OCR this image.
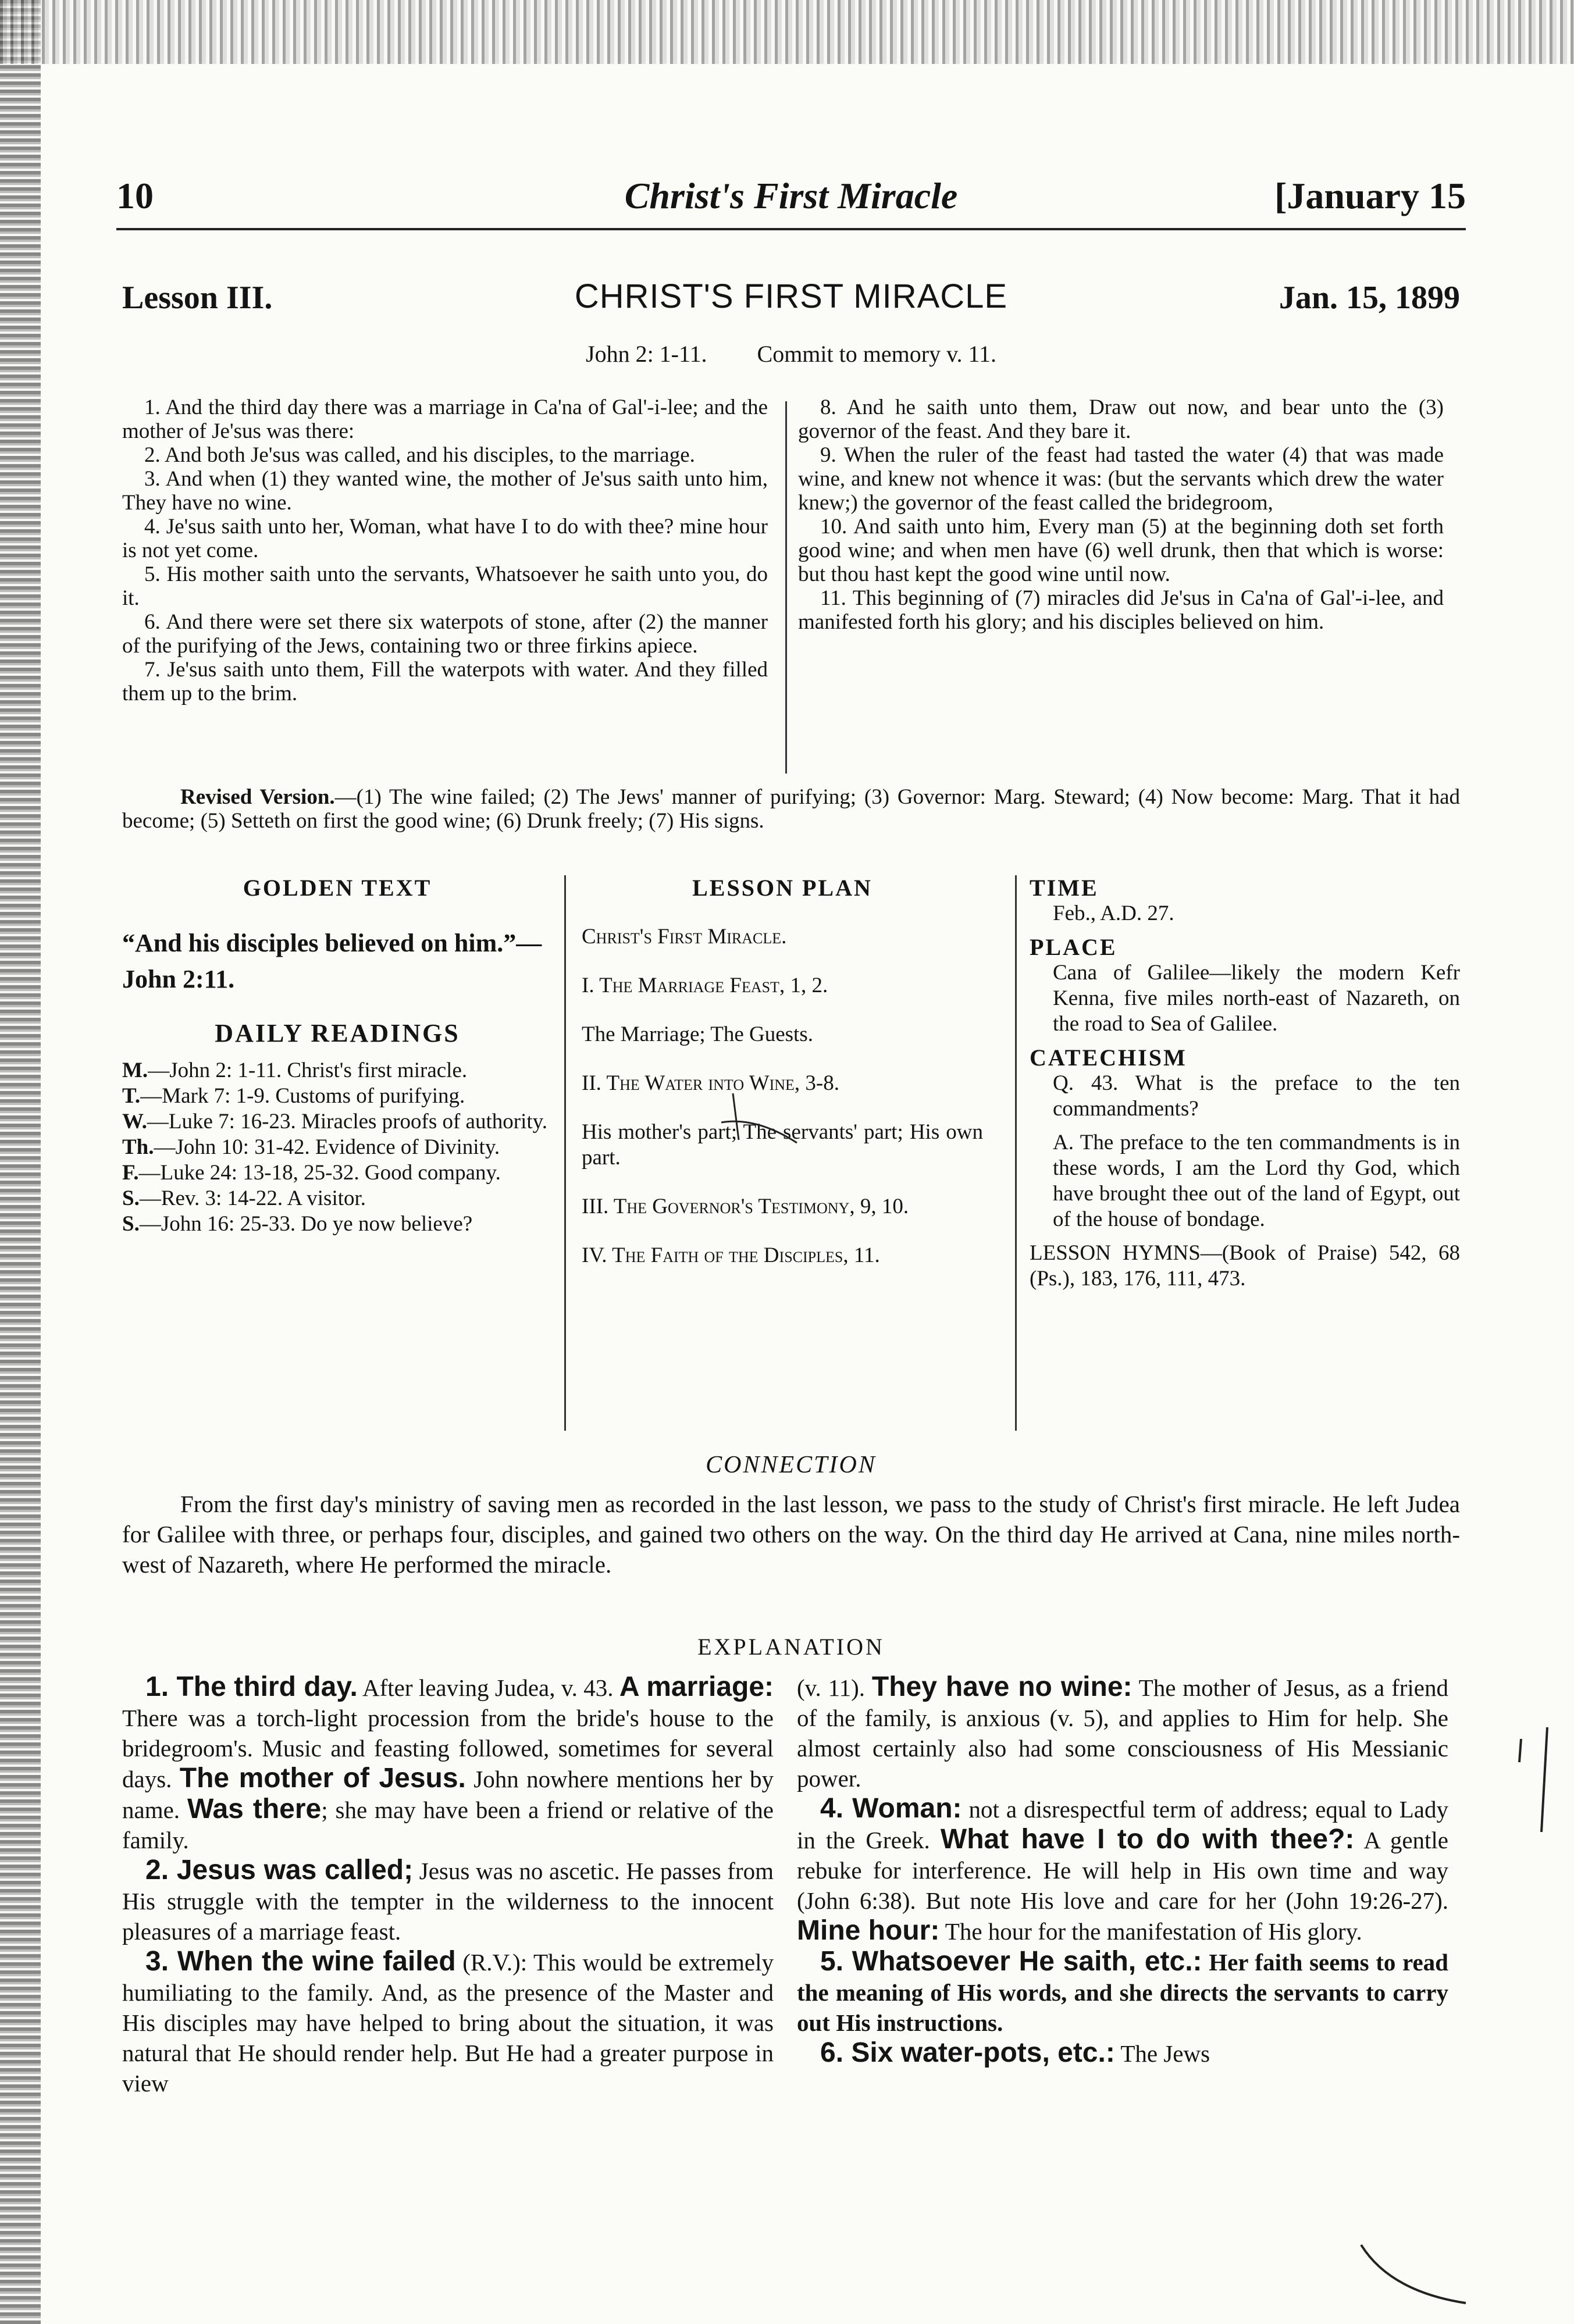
10	Christ's First Miracle	[January 15
Lesson III.	CHRIST'S FIRST MIRACLE	Jan. 15, 1899
John 2: 1-11. Commit to memory v. 11.

1. And the third day there was a marriage in Ca'na of Gal'-i-lee; and the mother of Je'sus was there:

2. And both Je'sus was called, and his disciples, to the marriage.

3. And when (1) they wanted wine, the mother of Je'sus saith unto him, They have no wine.

4. Je'sus saith unto her, Woman, what have I to do with thee? mine hour is not yet come.

5. His mother saith unto the servants, Whatsoever he saith unto you, do it.

6. And there were set there six waterpots of stone, after (2) the manner of the purifying of the Jews, containing two or three firkins apiece.

7. Je'sus saith unto them, Fill the waterpots with water. And they filled them up to the brim.

8. And he saith unto them, Draw out now, and bear unto the (3) governor of the feast. And they bare it.

9. When the ruler of the feast had tasted the water (4) that was made wine, and knew not whence it was: (but the servants which drew the water knew;) the governor of the feast called the bridegroom,

10. And saith unto him, Every man (5) at the beginning doth set forth good wine; and when men have (6) well drunk, then that which is worse: but thou hast kept the good wine until now.

11. This beginning of (7) miracles did Je'sus in Ca'na of Gal'-i-lee, and manifested forth his glory; and his disciples believed on him.

Revised Version.—(1) The wine failed; (2) The Jews' manner of purifying; (3) Governor: Marg. Steward; (4) Now become: Marg. That it had become; (5) Setteth on first the good wine; (6) Drunk freely; (7) His signs.
GOLDEN TEXT
“And his disciples believed on him.”—John 2:11.
DAILY READINGS
M.—John 2: 1-11. Christ's first miracle.
T.—Mark 7: 1-9. Customs of purifying.
W.—Luke 7: 16-23. Miracles proofs of authority.
Th.—John 10: 31-42. Evidence of Divinity.
F.—Luke 24: 13-18, 25-32. Good company.
S.—Rev. 3: 14-22. A visitor.
S.—John 16: 25-33. Do ye now believe?
LESSON PLAN

Christ's First Miracle.

I. The Marriage Feast, 1, 2.

The Marriage; The Guests.

II. The Water into Wine, 3-8.

His mother's part; The servants' part; His own part.

III. The Governor's Testimony, 9, 10.

IV. The Faith of the Disciples, 11.

TIME

Feb., A.D. 27.

PLACE

Cana of Galilee—likely the modern Kefr Kenna, five miles north-east of Nazareth, on the road to Sea of Galilee.

CATECHISM

Q. 43. What is the preface to the ten commandments?

A. The preface to the ten commandments is in these words, I am the Lord thy God, which have brought thee out of the land of Egypt, out of the house of bondage.

LESSON HYMNS—(Book of Praise) 542, 68 (Ps.), 183, 176, 111, 473.

CONNECTION
From the first day's ministry of saving men as recorded in the last lesson, we pass to the study of Christ's first miracle. He left Judea for Galilee with three, or perhaps four, disciples, and gained two others on the way. On the third day He arrived at Cana, nine miles north-west of Nazareth, where He performed the miracle.
EXPLANATION

1. The third day. After leaving Judea, v. 43. A marriage: There was a torch-light procession from the bride's house to the bridegroom's. Music and feasting followed, sometimes for several days. The mother of Jesus. John nowhere mentions her by name. Was there; she may have been a friend or relative of the family.

2. Jesus was called; Jesus was no ascetic. He passes from His struggle with the tempter in the wilderness to the innocent pleasures of a marriage feast.

3. When the wine failed (R.V.): This would be extremely humiliating to the family. And, as the presence of the Master and His disciples may have helped to bring about the situation, it was natural that He should render help. But He had a greater purpose in view

(v. 11). They have no wine: The mother of Jesus, as a friend of the family, is anxious (v. 5), and applies to Him for help. She almost certainly also had some consciousness of His Messianic power.

4. Woman: not a disrespectful term of address; equal to Lady in the Greek. What have I to do with thee?: A gentle rebuke for interference. He will help in His own time and way (John 6:38). But note His love and care for her (John 19:26-27). Mine hour: The hour for the manifestation of His glory.

5. Whatsoever He saith, etc.: Her faith seems to read the meaning of His words, and she directs the servants to carry out His instructions.

6. Six water-pots, etc.: The Jews
